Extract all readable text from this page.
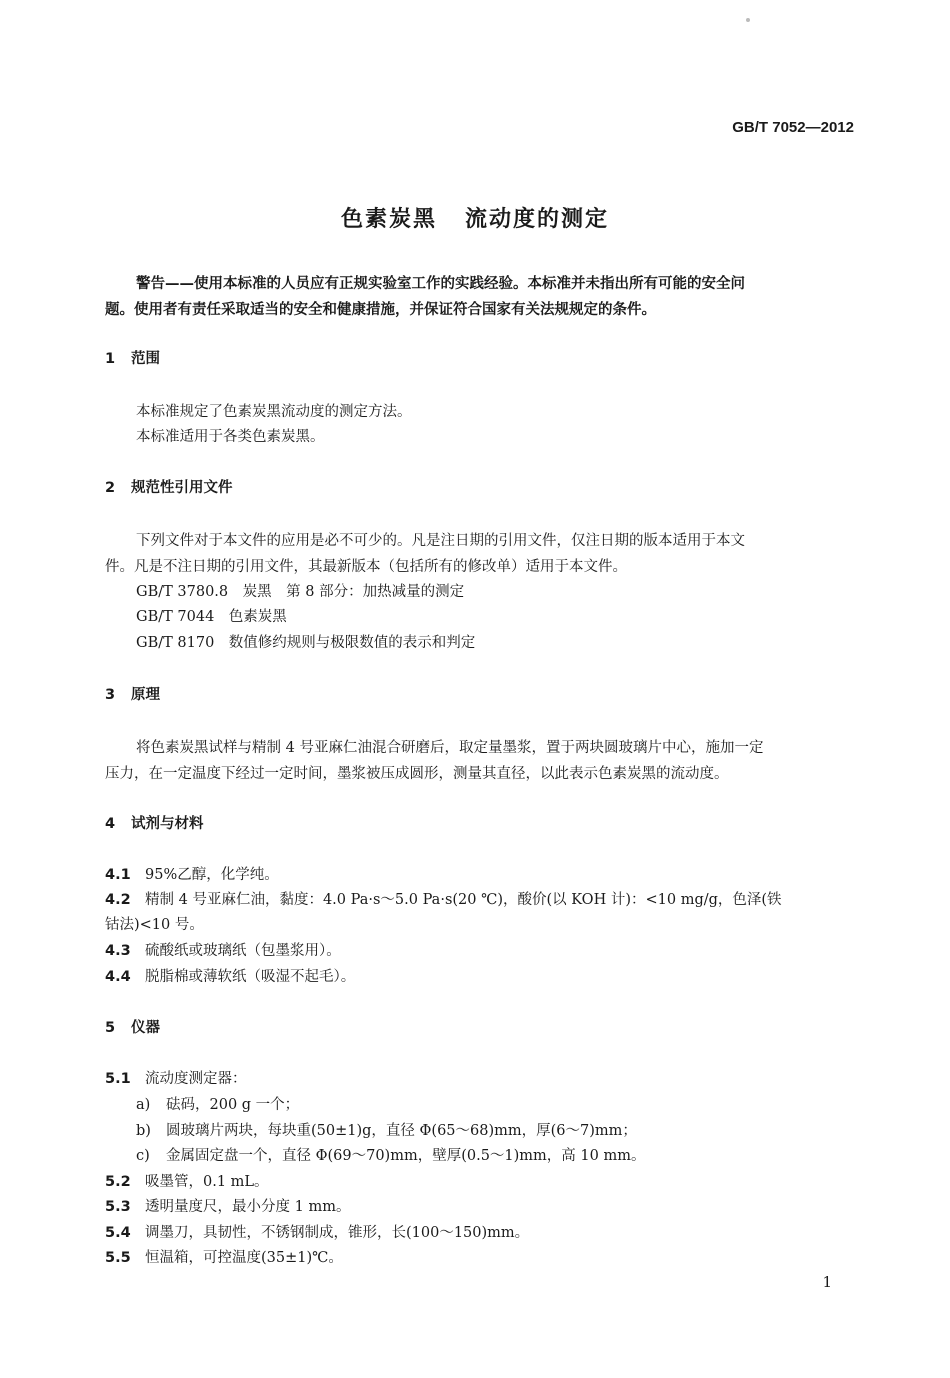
GB/T 7052—2012
色素炭黑 流动度的测定
警告——使用本标准的人员应有正规实验室工作的实践经验。本标准并未指出所有可能的安全问
题。使用者有责任采取适当的安全和健康措施，并保证符合国家有关法规规定的条件。
1 范围
本标准规定了色素炭黑流动度的测定方法。
本标准适用于各类色素炭黑。
2 规范性引用文件
下列文件对于本文件的应用是必不可少的。凡是注日期的引用文件，仅注日期的版本适用于本文
件。凡是不注日期的引用文件，其最新版本（包括所有的修改单）适用于本文件。
GB/T 3780.8　炭黑　第 8 部分：加热减量的测定
GB/T 7044　色素炭黑
GB/T 8170　数值修约规则与极限数值的表示和判定
3 原理
将色素炭黑试样与精制 4 号亚麻仁油混合研磨后，取定量墨浆，置于两块圆玻璃片中心，施加一定
压力，在一定温度下经过一定时间，墨浆被压成圆形，测量其直径，以此表示色素炭黑的流动度。
4 试剂与材料
4.1 95%乙醇，化学纯。
4.2 精制 4 号亚麻仁油，黏度：4.0 Pa·s～5.0 Pa·s(20 ℃)，酸价(以 KOH 计)：<10 mg/g，色泽(铁
钴法)<10 号。
4.3 硫酸纸或玻璃纸（包墨浆用）。
4.4 脱脂棉或薄软纸（吸湿不起毛）。
5 仪器
5.1 流动度测定器：
a) 砝码，200 g 一个；
b) 圆玻璃片两块，每块重(50±1)g，直径 Φ(65～68)mm，厚(6～7)mm；
c) 金属固定盘一个，直径 Φ(69～70)mm，壁厚(0.5～1)mm，高 10 mm。
5.2 吸墨管，0.1 mL。
5.3 透明量度尺，最小分度 1 mm。
5.4 调墨刀，具韧性，不锈钢制成，锥形，长(100～150)mm。
5.5 恒温箱，可控温度(35±1)℃。
1
